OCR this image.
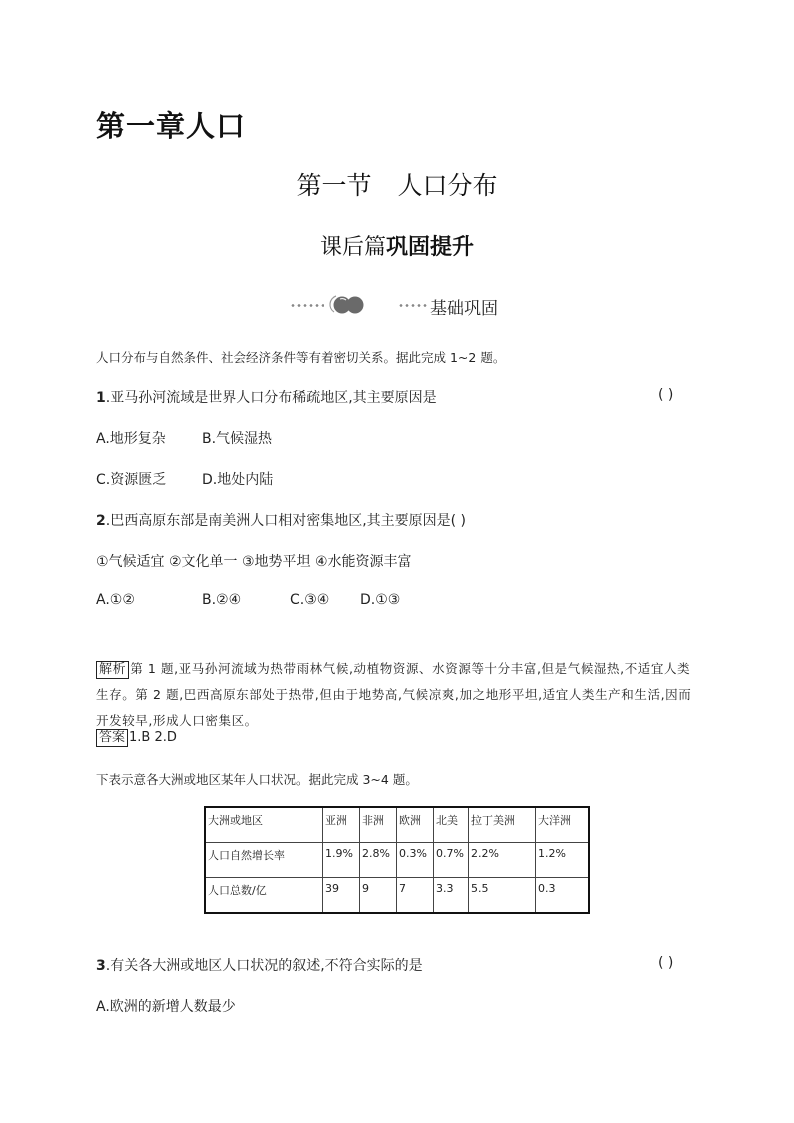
第一章人口
第一节 人口分布
课后篇巩固提升
基础巩固
人口分布与自然条件、社会经济条件等有着密切关系。据此完成 1~2 题。
1.亚马孙河流域是世界人口分布稀疏地区,其主要原因是	( )
A.地形复杂	B.气候湿热
C.资源匮乏	D.地处内陆
2.巴西高原东部是南美洲人口相对密集地区,其主要原因是( )
①气候适宜 ②文化单一 ③地势平坦 ④水能资源丰富
A.①②	B.②④	C.③④ D.①③
解析 第 1 题,亚马孙河流域为热带雨林气候,动植物资源、水资源等十分丰富,但是气候湿热,不适宜人类生存。第 2 题,巴西高原东部处于热带,但由于地势高,气候凉爽,加之地形平坦,适宜人类生产和生活,因而开发较早,形成人口密集区。
答案 1.B 2.D
下表示意各大洲或地区某年人口状况。据此完成 3~4 题。
大洲或地区	亚洲	非洲	欧洲	北美	拉丁美洲	大洋洲
人口自然增长率	1.9%	2.8%	0.3%	0.7%	2.2%	1.2%
人口总数/亿	39	9	7	3.3	5.5	0.3
3.有关各大洲或地区人口状况的叙述,不符合实际的是	( )
A.欧洲的新增人数最少
